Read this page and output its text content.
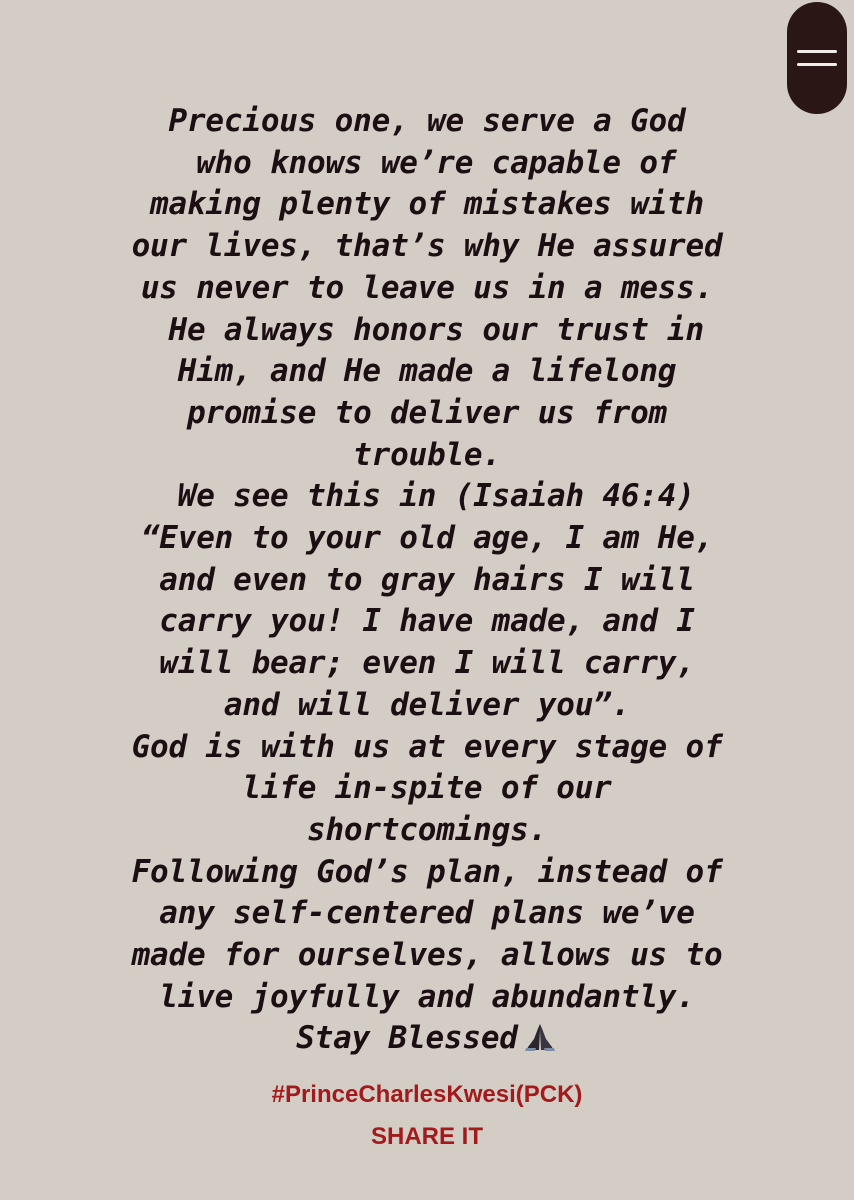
Precious one, we serve a God
who knows we’re capable of
making plenty of mistakes with
our lives, that’s why He assured
us never to leave us in a mess.
He always honors our trust in
Him, and He made a lifelong
promise to deliver us from
trouble.
We see this in (Isaiah 46:4)
“Even to your old age, I am He,
and even to gray hairs I will
carry you! I have made, and I
will bear; even I will carry,
and will deliver you”.
God is with us at every stage of
life in-spite of our
shortcomings.
Following God’s plan, instead of
any self-centered plans we’ve
made for ourselves, allows us to
live joyfully and abundantly.
Stay Blessed

#PrinceCharlesKwesi(PCK)

SHARE IT
